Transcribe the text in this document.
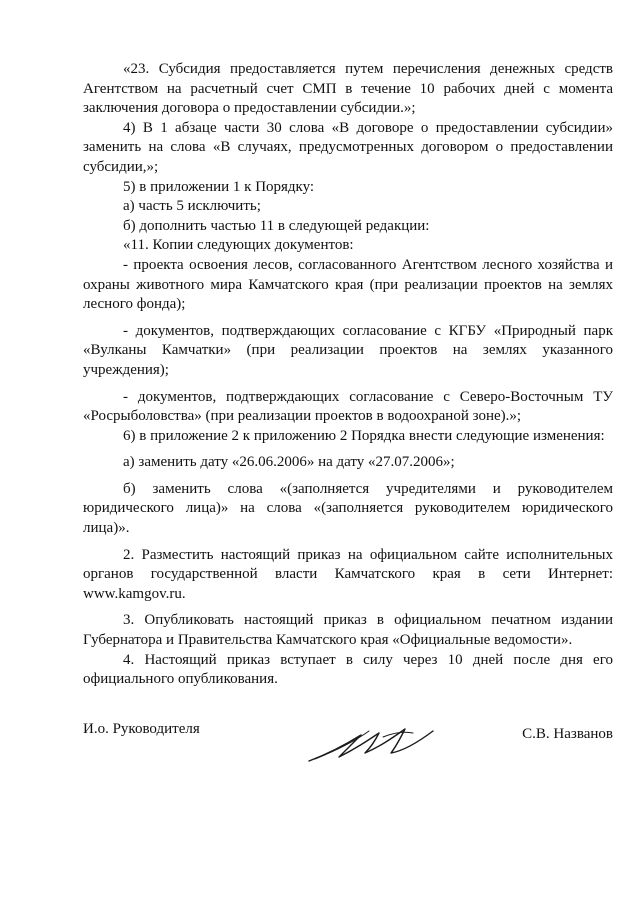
«23. Субсидия предоставляется путем перечисления денежных средств Агентством на расчетный счет СМП в течение 10 рабочих дней с момента заключения договора о предоставлении субсидии.»;

4) В 1 абзаце части 30 слова «В договоре о предоставлении субсидии» заменить на слова «В случаях, предусмотренных договором о предоставлении субсидии,»;

5) в приложении 1 к Порядку:

а) часть 5 исключить;

б) дополнить частью 11 в следующей редакции:

«11. Копии следующих документов:

- проекта освоения лесов, согласованного Агентством лесного хозяйства и охраны животного мира Камчатского края (при реализации проектов на землях лесного фонда);

- документов, подтверждающих согласование с КГБУ «Природный парк «Вулканы Камчатки» (при реализации проектов на землях указанного учреждения);

- документов, подтверждающих согласование с Северо-Восточным ТУ «Росрыболовства» (при реализации проектов в водоохраной зоне).»;

6) в приложение 2 к приложению 2 Порядка внести следующие изменения:

а) заменить дату «26.06.2006» на дату «27.07.2006»;

б) заменить слова «(заполняется учредителями и руководителем юридического лица)» на слова «(заполняется руководителем юридического лица)».

2. Разместить настоящий приказ на официальном сайте исполнительных органов государственной власти Камчатского края в сети Интернет: www.kamgov.ru.

3. Опубликовать настоящий приказ в официальном печатном издании Губернатора и Правительства Камчатского края «Официальные ведомости».

4. Настоящий приказ вступает в силу через 10 дней после дня его официального опубликования.

И.о. Руководителя	С.В. Названов
